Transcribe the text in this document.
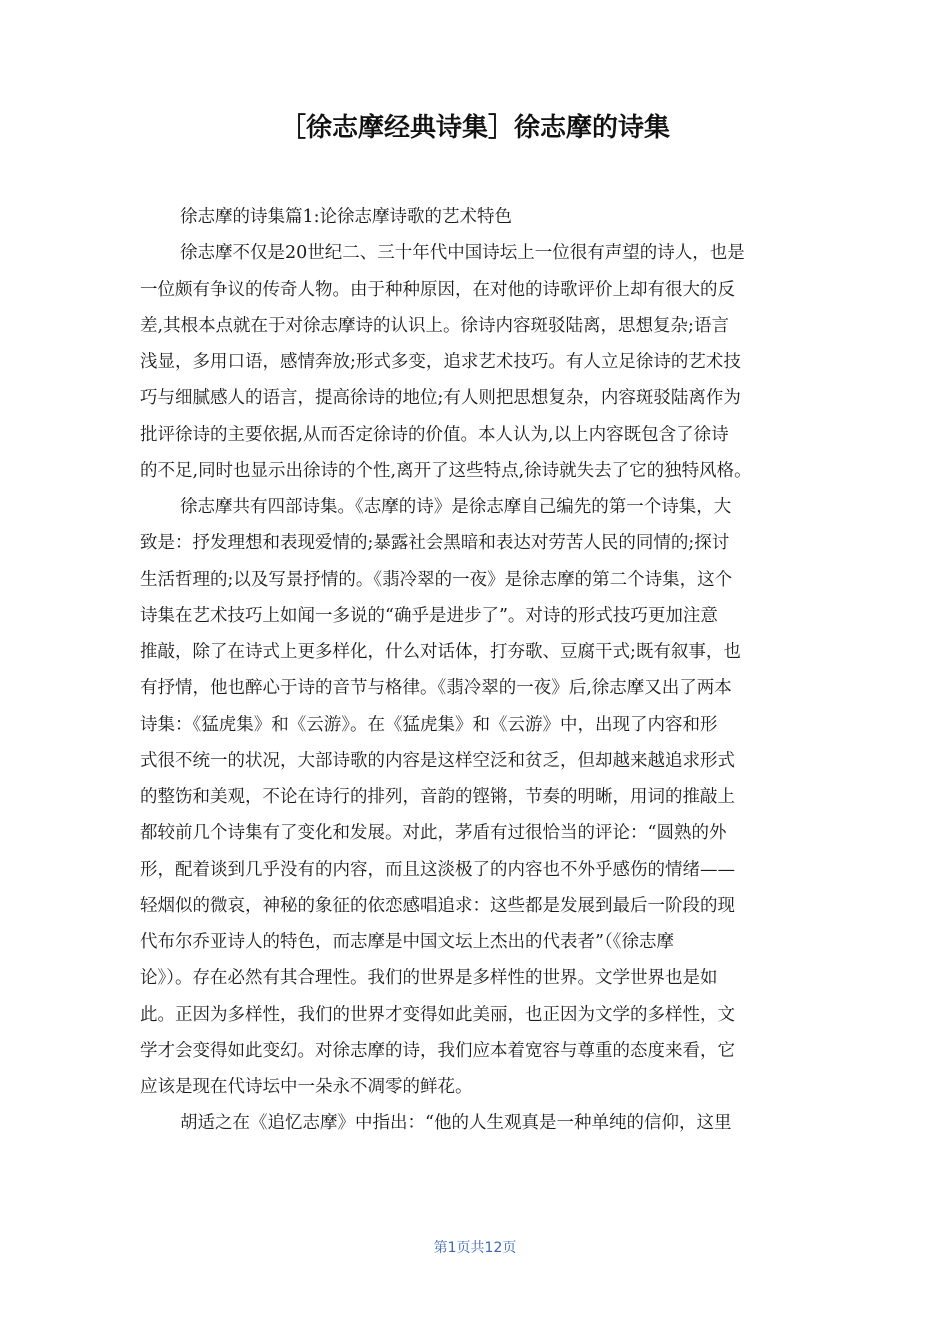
［徐志摩经典诗集］徐志摩的诗集
徐志摩的诗集篇1:论徐志摩诗歌的艺术特色
徐志摩不仅是20世纪二、三十年代中国诗坛上一位很有声望的诗人，也是
一位颇有争议的传奇人物。由于种种原因，在对他的诗歌评价上却有很大的反
差,其根本点就在于对徐志摩诗的认识上。徐诗内容斑驳陆离，思想复杂;语言
浅显，多用口语，感情奔放;形式多变，追求艺术技巧。有人立足徐诗的艺术技
巧与细腻感人的语言，提高徐诗的地位;有人则把思想复杂，内容斑驳陆离作为
批评徐诗的主要依据,从而否定徐诗的价值。本人认为,以上内容既包含了徐诗
的不足,同时也显示出徐诗的个性,离开了这些特点,徐诗就失去了它的独特风格。
徐志摩共有四部诗集。《志摩的诗》是徐志摩自己编先的第一个诗集，大
致是：抒发理想和表现爱情的;暴露社会黑暗和表达对劳苦人民的同情的;探讨
生活哲理的;以及写景抒情的。《翡冷翠的一夜》是徐志摩的第二个诗集，这个
诗集在艺术技巧上如闻一多说的“确乎是进步了”。对诗的形式技巧更加注意
推敲，除了在诗式上更多样化，什么对话体，打夯歌、豆腐干式;既有叙事，也
有抒情，他也醉心于诗的音节与格律。《翡冷翠的一夜》后,徐志摩又出了两本
诗集：《猛虎集》和《云游》。在《猛虎集》和《云游》中，出现了内容和形
式很不统一的状况，大部诗歌的内容是这样空泛和贫乏，但却越来越追求形式
的整饬和美观，不论在诗行的排列，音韵的铿锵，节奏的明晰，用词的推敲上
都较前几个诗集有了变化和发展。对此，茅盾有过很恰当的评论：“圆熟的外
形，配着谈到几乎没有的内容，而且这淡极了的内容也不外乎感伤的情绪——
轻烟似的微哀，神秘的象征的依恋感唱追求：这些都是发展到最后一阶段的现
代布尔乔亚诗人的特色，而志摩是中国文坛上杰出的代表者”（《徐志摩
论》）。存在必然有其合理性。我们的世界是多样性的世界。文学世界也是如
此。正因为多样性，我们的世界才变得如此美丽，也正因为文学的多样性，文
学才会变得如此变幻。对徐志摩的诗，我们应本着宽容与尊重的态度来看，它
应该是现在代诗坛中一朵永不凋零的鲜花。
胡适之在《追忆志摩》中指出：“他的人生观真是一种单纯的信仰，这里
第1页共12页
